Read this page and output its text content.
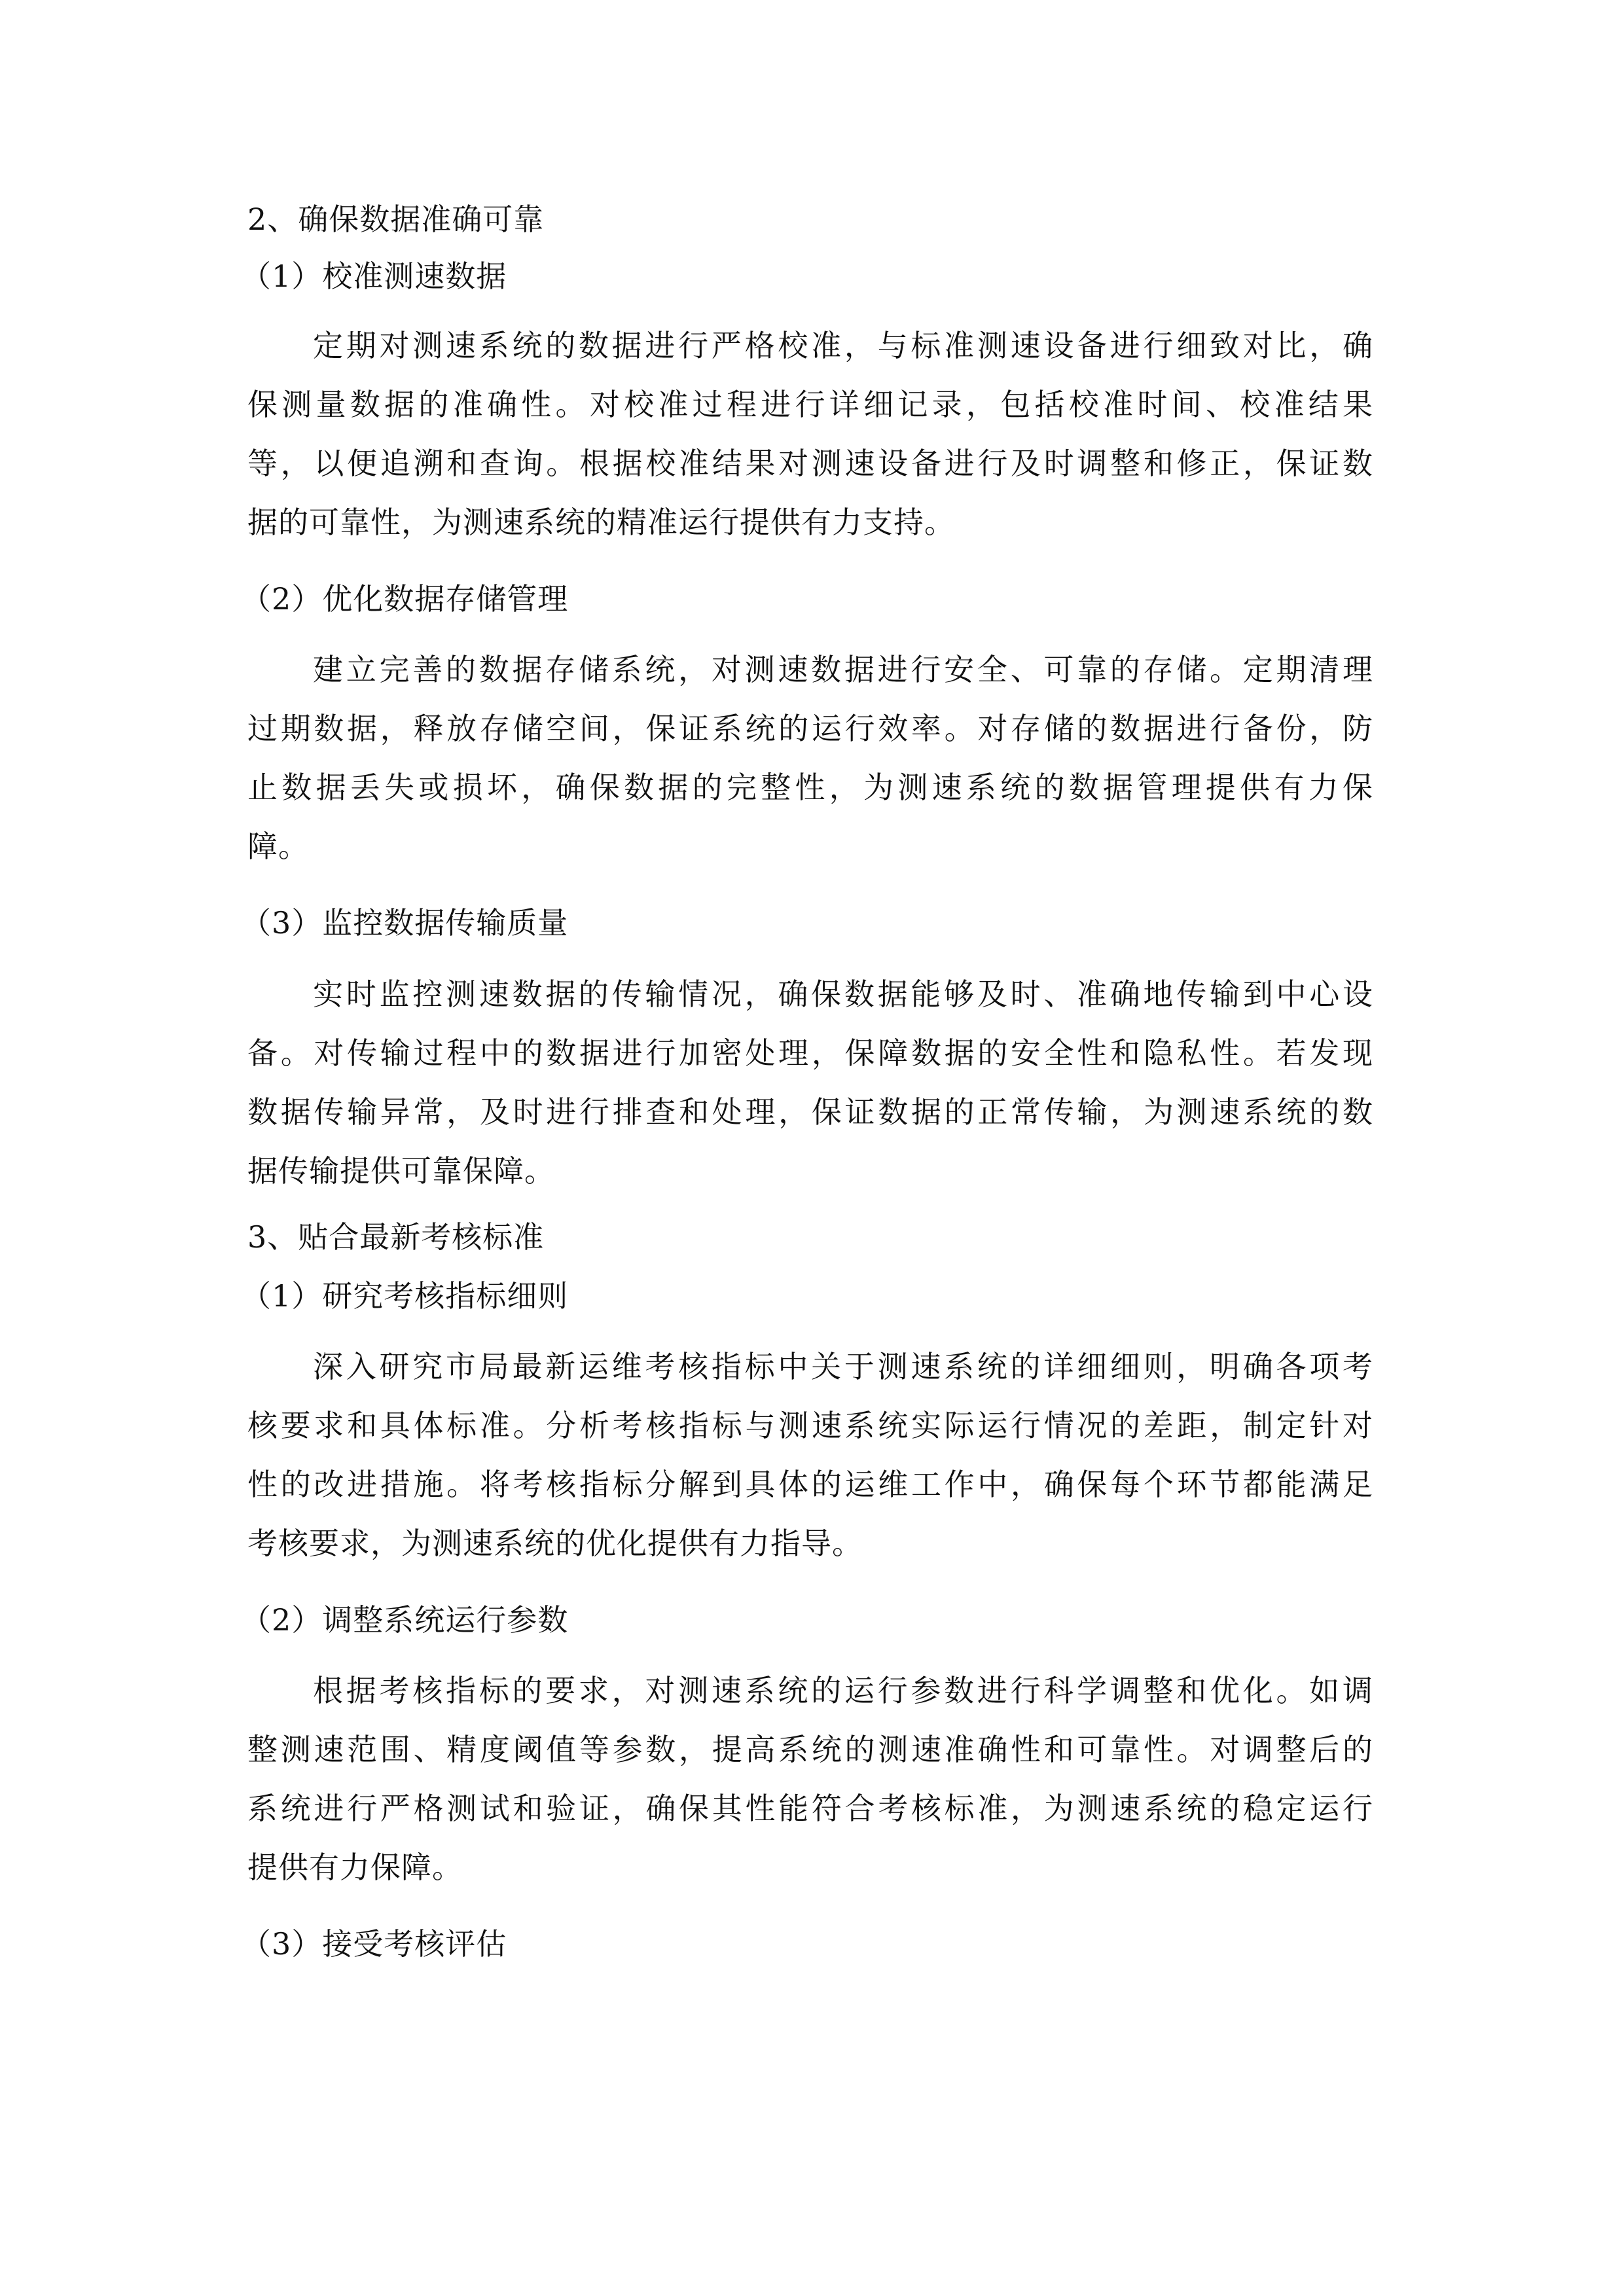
2、确保数据准确可靠
（1）校准测速数据
定期对测速系统的数据进行严格校准，与标准测速设备进行细致对比，确
保测量数据的准确性。对校准过程进行详细记录，包括校准时间、校准结果
等，以便追溯和查询。根据校准结果对测速设备进行及时调整和修正，保证数
据的可靠性，为测速系统的精准运行提供有力支持。
（2）优化数据存储管理
建立完善的数据存储系统，对测速数据进行安全、可靠的存储。定期清理
过期数据，释放存储空间，保证系统的运行效率。对存储的数据进行备份，防
止数据丢失或损坏，确保数据的完整性，为测速系统的数据管理提供有力保
障。
（3）监控数据传输质量
实时监控测速数据的传输情况，确保数据能够及时、准确地传输到中心设
备。对传输过程中的数据进行加密处理，保障数据的安全性和隐私性。若发现
数据传输异常，及时进行排查和处理，保证数据的正常传输，为测速系统的数
据传输提供可靠保障。
3、贴合最新考核标准
（1）研究考核指标细则
深入研究市局最新运维考核指标中关于测速系统的详细细则，明确各项考
核要求和具体标准。分析考核指标与测速系统实际运行情况的差距，制定针对
性的改进措施。将考核指标分解到具体的运维工作中，确保每个环节都能满足
考核要求，为测速系统的优化提供有力指导。
（2）调整系统运行参数
根据考核指标的要求，对测速系统的运行参数进行科学调整和优化。如调
整测速范围、精度阈值等参数，提高系统的测速准确性和可靠性。对调整后的
系统进行严格测试和验证，确保其性能符合考核标准，为测速系统的稳定运行
提供有力保障。
（3）接受考核评估
